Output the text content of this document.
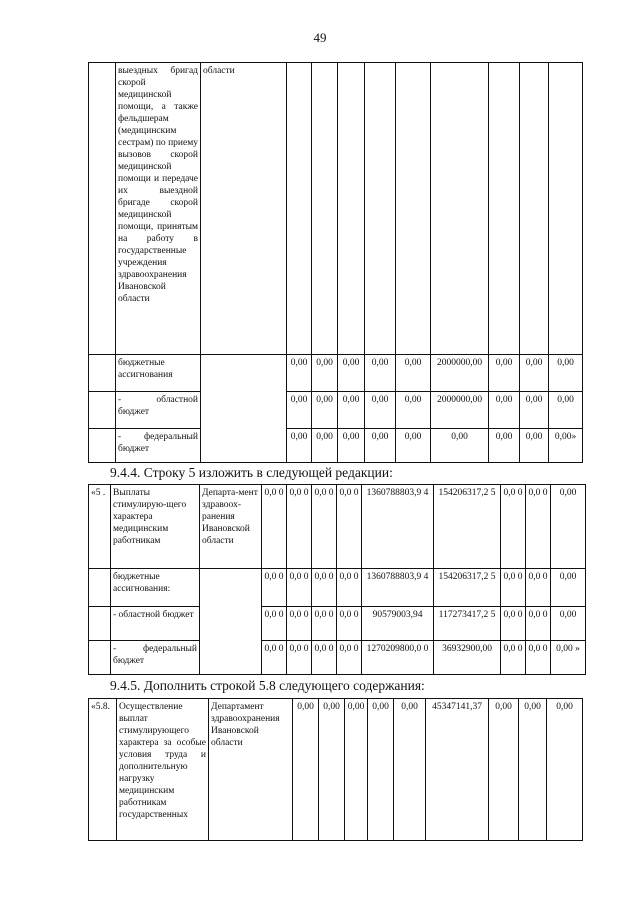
49
	выездных бригад скорой медицинской помощи, а также фельдшерам (медицинским сестрам) по приему вызовов скорой медицинской помощи и передаче их выездной бригаде скорой медицинской помощи, принятым на работу в государственные учреждения здравоохранения Ивановской области	области									
	бюджетные ассигнования		0,00	0,00	0,00	0,00	0,00	2000000,00	0,00	0,00	0,00
	- областной бюджет		0,00	0,00	0,00	0,00	0,00	2000000,00	0,00	0,00	0,00
	- федеральный бюджет		0,00	0,00	0,00	0,00	0,00	0,00	0,00	0,00	0,00»
9.4.4. Строку 5 изложить в следующей редакции:
«5 .	Выплаты стимулирую-щего характера медицинским работникам	Департа-мент здравоох-ранения Ивановской области	0,0 0	0,0 0	0,0 0	0,0 0	1360788803,9 4	154206317,2 5	0,0 0	0,0 0	0,00
	бюджетные ассигнования:		0,0 0	0,0 0	0,0 0	0,0 0	1360788803,9 4	154206317,2 5	0,0 0	0,0 0	0,00
	- областной бюджет		0,0 0	0,0 0	0,0 0	0,0 0	90579003,94	117273417,2 5	0,0 0	0,0 0	0,00
	- федеральный бюджет		0,0 0	0,0 0	0,0 0	0,0 0	1270209800,0 0	36932900,00	0,0 0	0,0 0	0,00 »
9.4.5. Дополнить строкой 5.8 следующего содержания:
«5.8.	Осуществление выплат стимулирующего характера за особые условия труда и дополнительную нагрузку медицинским работникам государственных	Департамент здравоохранения Ивановской области	0,00	0,00	0,00	0,00	0,00	45347141,37	0,00	0,00	0,00
